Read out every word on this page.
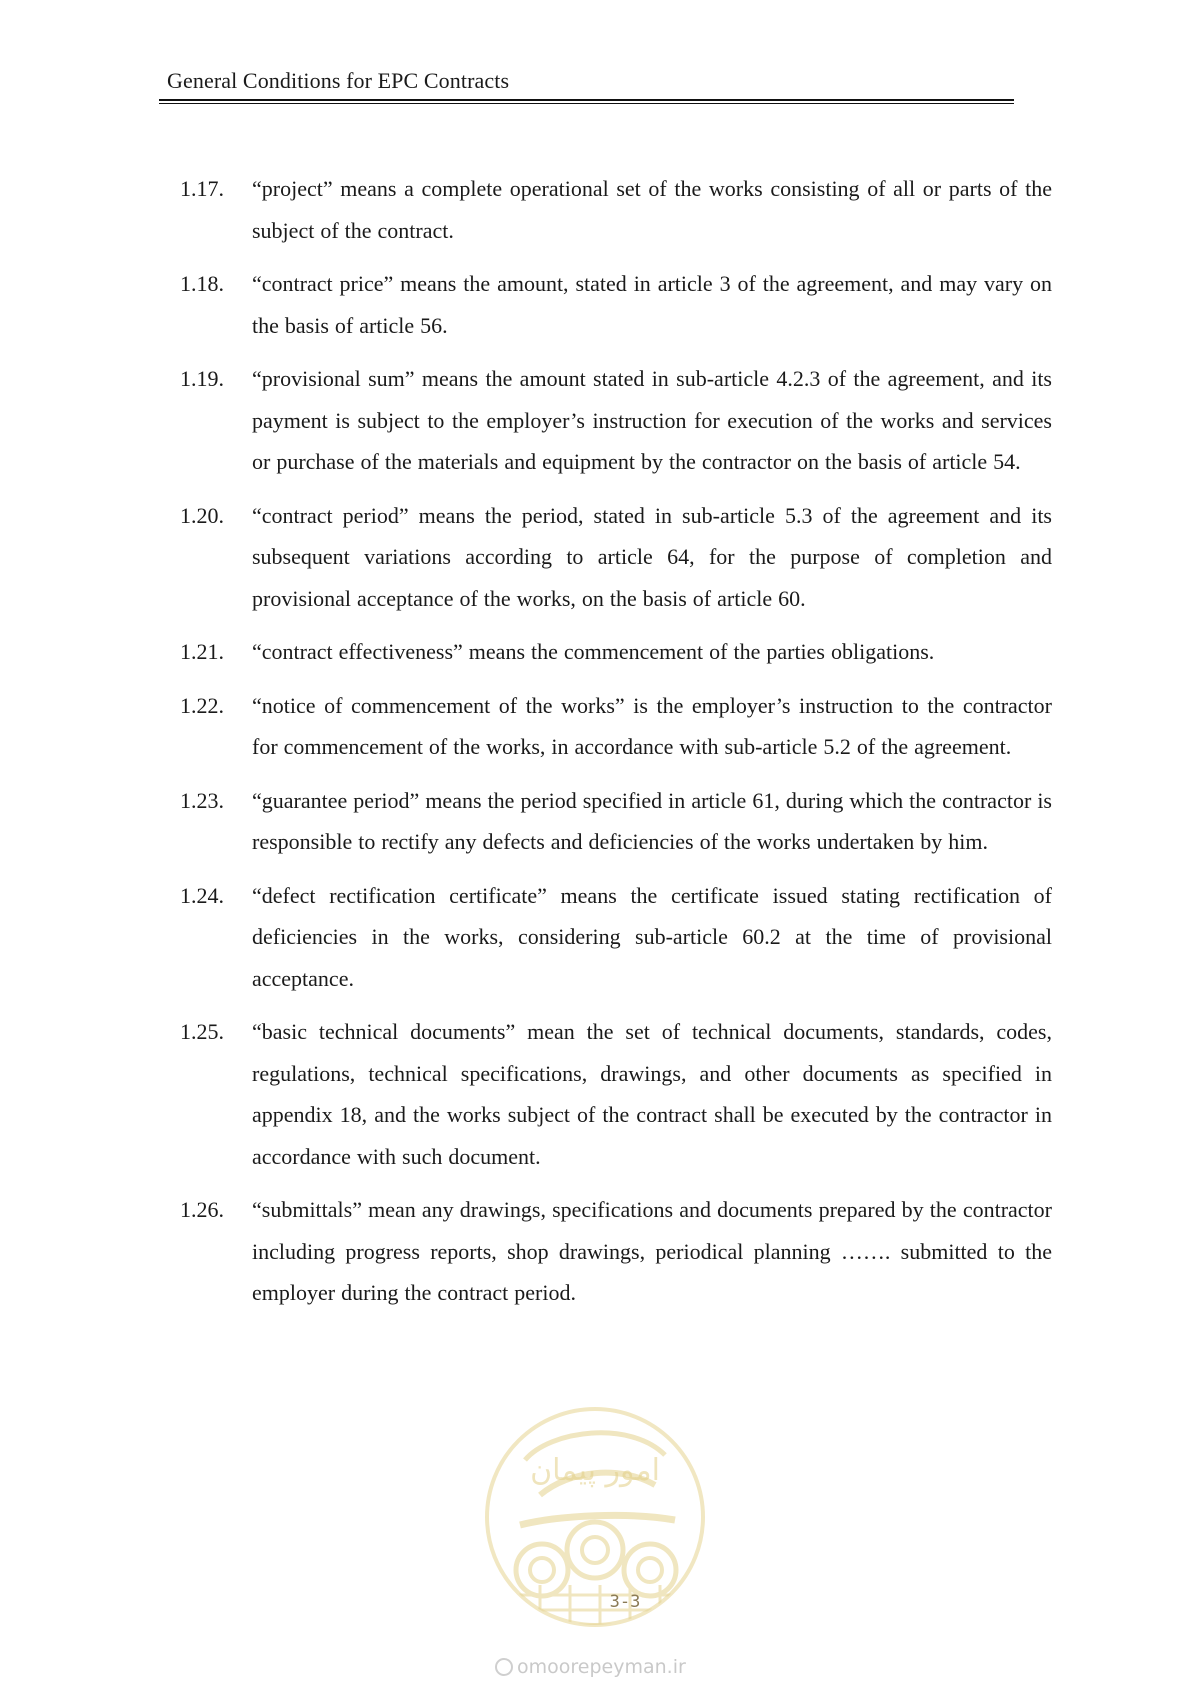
General Conditions for EPC Contracts
1.17. “project” means a complete operational set of the works consisting of all or parts of the subject of the contract.
1.18. “contract price” means the amount, stated in article 3 of the agreement, and may vary on the basis of article 56.
1.19. “provisional sum” means the amount stated in sub-article 4.2.3 of the agreement, and its payment is subject to the employer’s instruction for execution of the works and services or purchase of the materials and equipment by the contractor on the basis of article 54.
1.20. “contract period” means the period, stated in sub-article 5.3 of the agreement and its subsequent variations according to article 64, for the purpose of completion and provisional acceptance of the works, on the basis of article 60.
1.21. “contract effectiveness” means the commencement of the parties obligations.
1.22. “notice of commencement of the works” is the employer’s instruction to the contractor for commencement of the works, in accordance with sub-article 5.2 of the agreement.
1.23. “guarantee period” means the period specified in article 61, during which the contractor is responsible to rectify any defects and deficiencies of the works undertaken by him.
1.24. “defect rectification certificate” means the certificate issued stating rectification of deficiencies in the works, considering sub-article 60.2 at the time of provisional acceptance.
1.25. “basic technical documents” mean the set of technical documents, standards, codes, regulations, technical specifications, drawings, and other documents as specified in appendix 18, and the works subject of the contract shall be executed by the contractor in accordance with such document.
1.26. “submittals” mean any drawings, specifications and documents prepared by the contractor including progress reports, shop drawings, periodical planning ……. submitted to the employer during the contract period.
امور پیمان
3-3
omoorepeyman.ir
